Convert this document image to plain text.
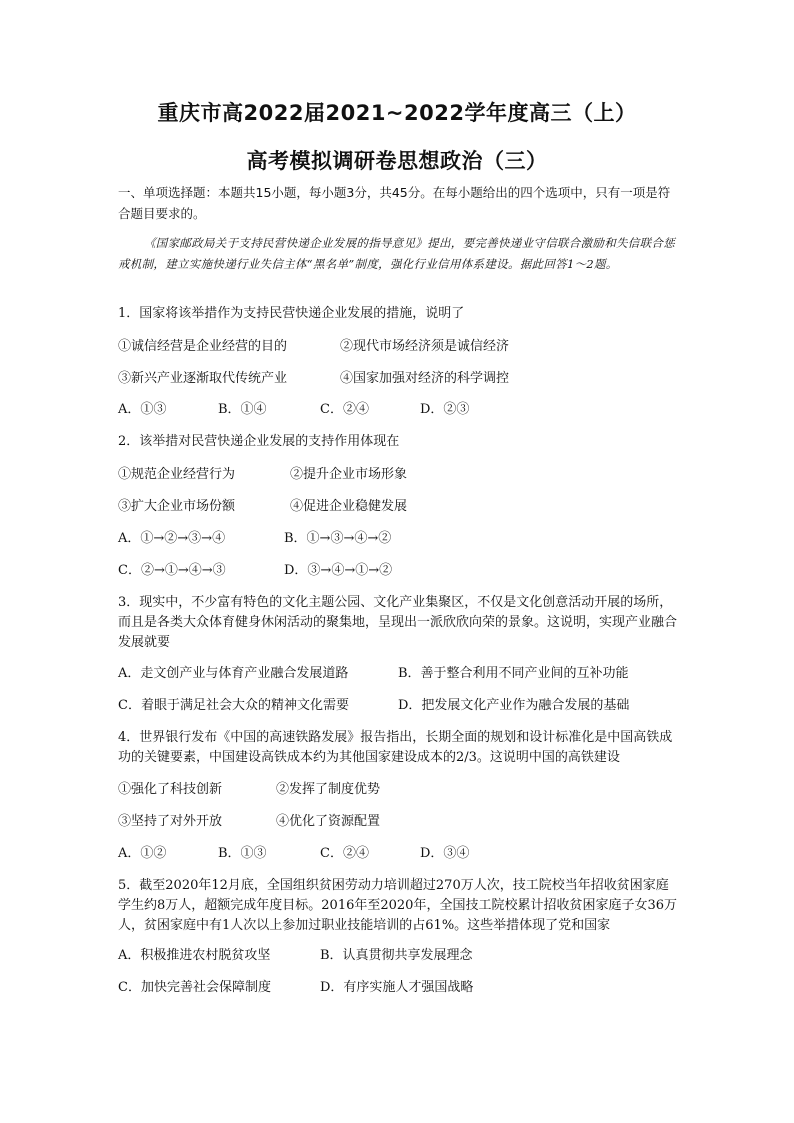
重庆市高2022届2021~2022学年度高三（上）
高考模拟调研卷思想政治（三）
一、单项选择题：本题共15小题，每小题3分，共45分。在每小题给出的四个选项中，只有一项是符合题目要求的。
《国家邮政局关于支持民营快递企业发展的指导意见》提出，要完善快递业守信联合激励和失信联合惩戒机制，建立实施快递行业失信主体“黑名单”制度，强化行业信用体系建设。据此回答1～2题。
1．国家将该举措作为支持民营快递企业发展的措施，说明了
①诚信经营是企业经营的目的	②现代市场经济须是诚信经济
③新兴产业逐渐取代传统产业	④国家加强对经济的科学调控
A．①③	B．①④	C．②④	D．②③
2．该举措对民营快递企业发展的支持作用体现在
①规范企业经营行为	②提升企业市场形象
③扩大企业市场份额	④促进企业稳健发展
A．①→②→③→④	B．①→③→④→②
C．②→①→④→③	D．③→④→①→②
3．现实中，不少富有特色的文化主题公园、文化产业集聚区，不仅是文化创意活动开展的场所，而且是各类大众体育健身休闲活动的聚集地，呈现出一派欣欣向荣的景象。这说明，实现产业融合发展就要
A．走文创产业与体育产业融合发展道路	B．善于整合利用不同产业间的互补功能
C．着眼于满足社会大众的精神文化需要	D．把发展文化产业作为融合发展的基础
4．世界银行发布《中国的高速铁路发展》报告指出，长期全面的规划和设计标准化是中国高铁成功的关键要素，中国建设高铁成本约为其他国家建设成本的2/3。这说明中国的高铁建设
①强化了科技创新	②发挥了制度优势
③坚持了对外开放	④优化了资源配置
A．①②	B．①③	C．②④	D．③④
5．截至2020年12月底，全国组织贫困劳动力培训超过270万人次，技工院校当年招收贫困家庭学生约8万人，超额完成年度目标。2016年至2020年，全国技工院校累计招收贫困家庭子女36万人，贫困家庭中有1人次以上参加过职业技能培训的占61%。这些举措体现了党和国家
A．积极推进农村脱贫攻坚	B．认真贯彻共享发展理念
C．加快完善社会保障制度	D．有序实施人才强国战略
